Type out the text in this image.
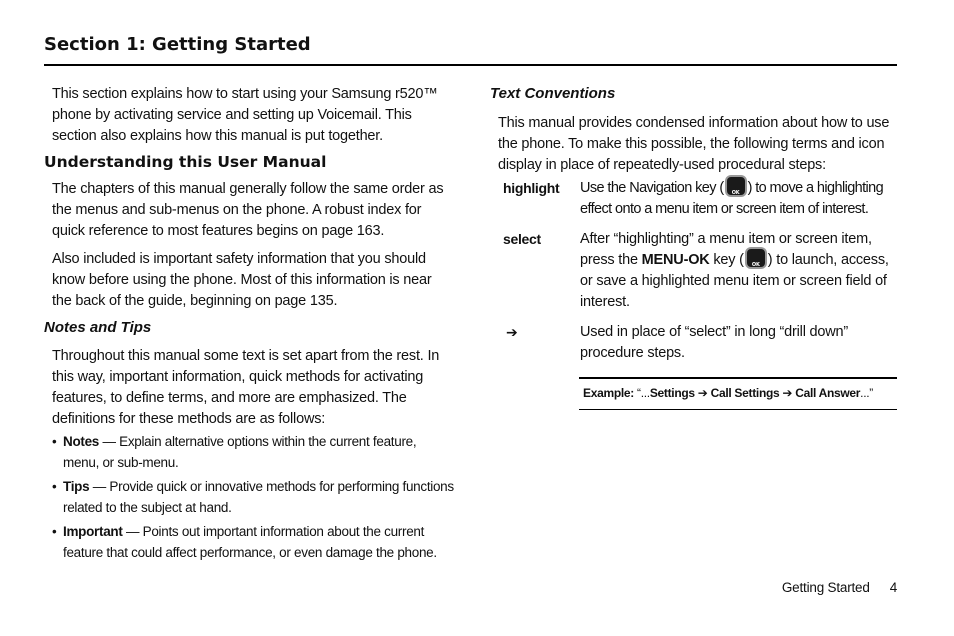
Section 1: Getting Started

This section explains how to start using your Samsung r520™ phone by activating service and setting up Voicemail. This section also explains how this manual is put together.

Understanding this User Manual

The chapters of this manual generally follow the same order as the menus and sub-menus on the phone. A robust index for quick reference to most features begins on page 163.

Also included is important safety information that you should know before using the phone. Most of this information is near the back of the guide, beginning on page 135.

Notes and Tips

Throughout this manual some text is set apart from the rest. In this way, important information, quick methods for activating features, to define terms, and more are emphasized. The definitions for these methods are as follows:

• Notes — Explain alternative options within the current feature, menu, or sub-menu.
• Tips — Provide quick or innovative methods for performing functions related to the subject at hand.
• Important — Points out important information about the current feature that could affect performance, or even damage the phone.
Text Conventions

This manual provides condensed information about how to use the phone. To make this possible, the following terms and icon display in place of repeatedly-used procedural steps:

highlight Use the Navigation key (	OK ) to move a highlighting effect onto a menu item or screen item of interest.
select	After “highlighting” a menu item or screen item, press the MENU-OK key (	OK ) to launch, access, or save a highlighted menu item or screen field of interest.
➔	Used in place of “select” in long “drill down” procedure steps.
Example: “...Settings ➔ Call Settings ➔ Call Answer...”
Getting Started 4
